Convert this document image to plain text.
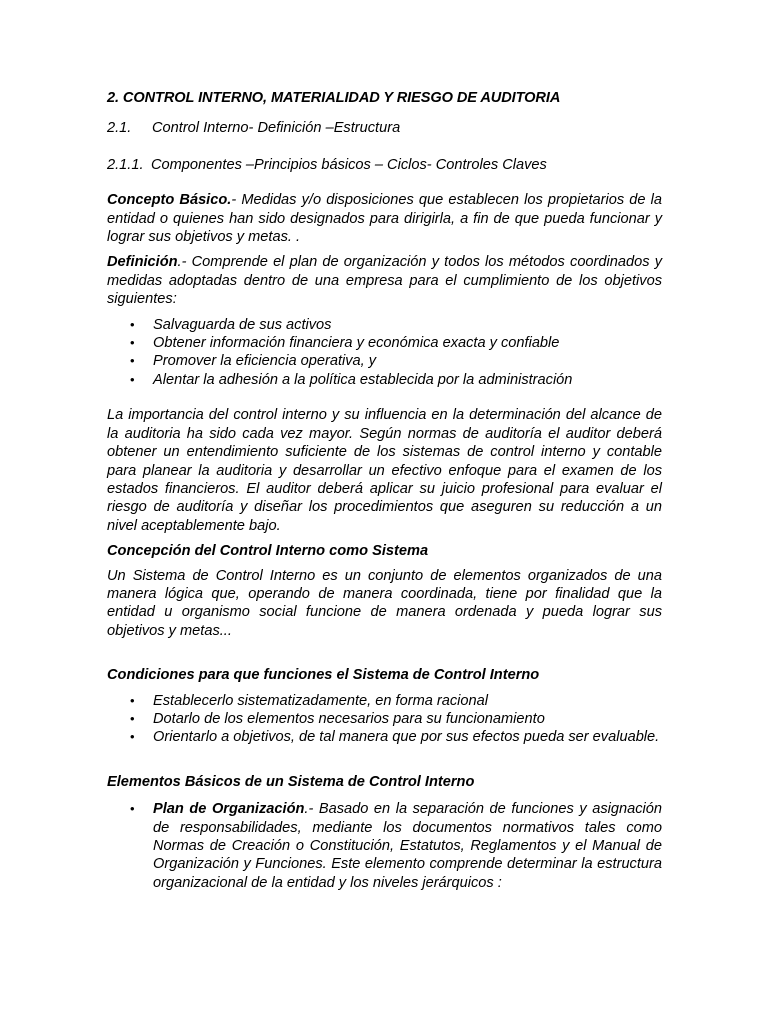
2. CONTROL INTERNO, MATERIALIDAD Y RIESGO DE AUDITORIA
2.1. Control Interno- Definición –Estructura
2.1.1. Componentes –Principios básicos – Ciclos- Controles Claves

Concepto Básico.- Medidas y/o disposiciones que establecen los propietarios de la entidad o quienes han sido designados para dirigirla, a fin de que pueda funcionar y lograr sus objetivos y metas. .

Definición.- Comprende el plan de organización y todos los métodos coordinados y medidas adoptadas dentro de una empresa para el cumplimiento de los objetivos siguientes:

• Salvaguarda de sus activos
• Obtener información financiera y económica exacta y confiable
• Promover la eficiencia operativa, y
• Alentar la adhesión a la política establecida por la administración

La importancia del control interno y su influencia en la determinación del alcance de la auditoria ha sido cada vez mayor. Según normas de auditoría el auditor deberá obtener un entendimiento suficiente de los sistemas de control interno y contable para planear la auditoria y desarrollar un efectivo enfoque para el examen de los estados financieros. El auditor deberá aplicar su juicio profesional para evaluar el riesgo de auditoría y diseñar los procedimientos que aseguren su reducción a un nivel aceptablemente bajo.

Concepción del Control Interno como Sistema

Un Sistema de Control Interno es un conjunto de elementos organizados de una manera lógica que, operando de manera coordinada, tiene por finalidad que la entidad u organismo social funcione de manera ordenada y pueda lograr sus objetivos y metas...

Condiciones para que funciones el Sistema de Control Interno
• Establecerlo sistematizadamente, en forma racional
• Dotarlo de los elementos necesarios para su funcionamiento
• Orientarlo a objetivos, de tal manera que por sus efectos pueda ser evaluable.
Elementos Básicos de un Sistema de Control Interno
• Plan de Organización.- Basado en la separación de funciones y asignación de responsabilidades, mediante los documentos normativos tales como Normas de Creación o Constitución, Estatutos, Reglamentos y el Manual de Organización y Funciones. Este elemento comprende determinar la estructura organizacional de la entidad y los niveles jerárquicos :
